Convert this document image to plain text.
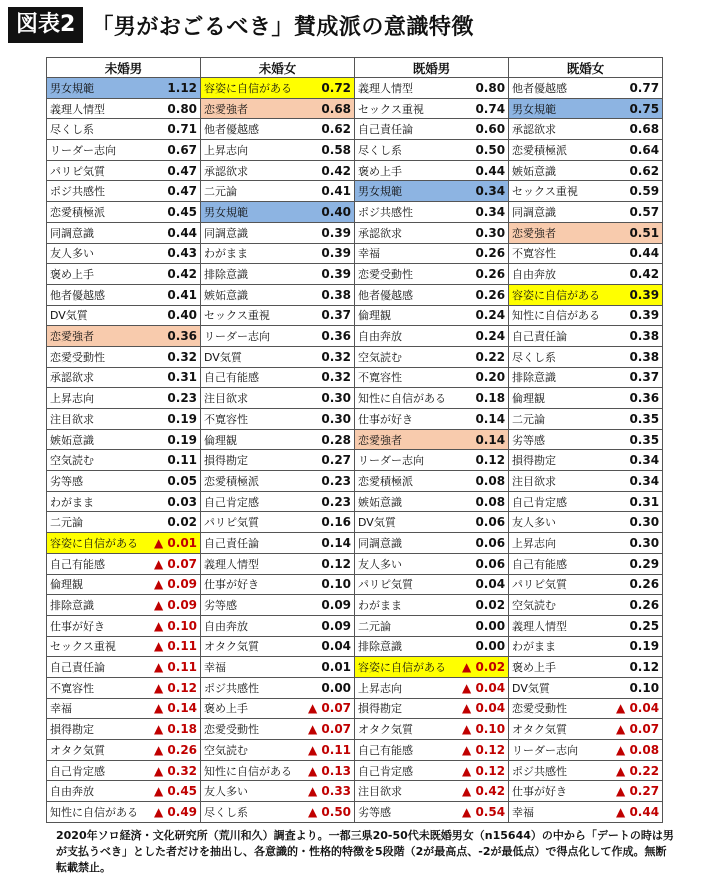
図表2 「男がおごるべき」賛成派の意識特徴
未婚男		未婚女		既婚男		既婚女	
男女規範	1.12	容姿に自信がある	0.72	義理人情型	0.80	他者優越感	0.77
義理人情型	0.80	恋愛強者	0.68	セックス重視	0.74	男女規範	0.75
尽くし系	0.71	他者優越感	0.62	自己責任論	0.60	承認欲求	0.68
リーダー志向	0.67	上昇志向	0.58	尽くし系	0.50	恋愛積極派	0.64
パリピ気質	0.47	承認欲求	0.42	褒め上手	0.44	嫉妬意識	0.62
ポジ共感性	0.47	二元論	0.41	男女規範	0.34	セックス重視	0.59
恋愛積極派	0.45	男女規範	0.40	ポジ共感性	0.34	同調意識	0.57
同調意識	0.44	同調意識	0.39	承認欲求	0.30	恋愛強者	0.51
友人多い	0.43	わがまま	0.39	幸福	0.26	不寛容性	0.44
褒め上手	0.42	排除意識	0.39	恋愛受動性	0.26	自由奔放	0.42
他者優越感	0.41	嫉妬意識	0.38	他者優越感	0.26	容姿に自信がある	0.39
DV気質	0.40	セックス重視	0.37	倫理観	0.24	知性に自信がある	0.39
恋愛強者	0.36	リーダー志向	0.36	自由奔放	0.24	自己責任論	0.38
恋愛受動性	0.32	DV気質	0.32	空気読む	0.22	尽くし系	0.38
承認欲求	0.31	自己有能感	0.32	不寛容性	0.20	排除意識	0.37
上昇志向	0.23	注目欲求	0.30	知性に自信がある	0.18	倫理観	0.36
注目欲求	0.19	不寛容性	0.30	仕事が好き	0.14	二元論	0.35
嫉妬意識	0.19	倫理観	0.28	恋愛強者	0.14	劣等感	0.35
空気読む	0.11	損得勘定	0.27	リーダー志向	0.12	損得勘定	0.34
劣等感	0.05	恋愛積極派	0.23	恋愛積極派	0.08	注目欲求	0.34
わがまま	0.03	自己肯定感	0.23	嫉妬意識	0.08	自己肯定感	0.31
二元論	0.02	パリピ気質	0.16	DV気質	0.06	友人多い	0.30
容姿に自信がある	▲ 0.01	自己責任論	0.14	同調意識	0.06	上昇志向	0.30
自己有能感	▲ 0.07	義理人情型	0.12	友人多い	0.06	自己有能感	0.29
倫理観	▲ 0.09	仕事が好き	0.10	パリピ気質	0.04	パリピ気質	0.26
排除意識	▲ 0.09	劣等感	0.09	わがまま	0.02	空気読む	0.26
仕事が好き	▲ 0.10	自由奔放	0.09	二元論	0.00	義理人情型	0.25
セックス重視	▲ 0.11	オタク気質	0.04	排除意識	0.00	わがまま	0.19
自己責任論	▲ 0.11	幸福	0.01	容姿に自信がある	▲ 0.02	褒め上手	0.12
不寛容性	▲ 0.12	ポジ共感性	0.00	上昇志向	▲ 0.04	DV気質	0.10
幸福	▲ 0.14	褒め上手	▲ 0.07	損得勘定	▲ 0.04	恋愛受動性	▲ 0.04
損得勘定	▲ 0.18	恋愛受動性	▲ 0.07	オタク気質	▲ 0.10	オタク気質	▲ 0.07
オタク気質	▲ 0.26	空気読む	▲ 0.11	自己有能感	▲ 0.12	リーダー志向	▲ 0.08
自己肯定感	▲ 0.32	知性に自信がある	▲ 0.13	自己肯定感	▲ 0.12	ポジ共感性	▲ 0.22
自由奔放	▲ 0.45	友人多い	▲ 0.33	注目欲求	▲ 0.42	仕事が好き	▲ 0.27
知性に自信がある	▲ 0.49	尽くし系	▲ 0.50	劣等感	▲ 0.54	幸福	▲ 0.44
2020年ソロ経済・文化研究所（荒川和久）調査より。一都三県20-50代未既婚男女（n15644）の中から「デートの時は男が支払うべき」とした者だけを抽出し、各意識的・性格的特徴を5段階（2が最高点、-2が最低点）で得点化して作成。無断転載禁止。
